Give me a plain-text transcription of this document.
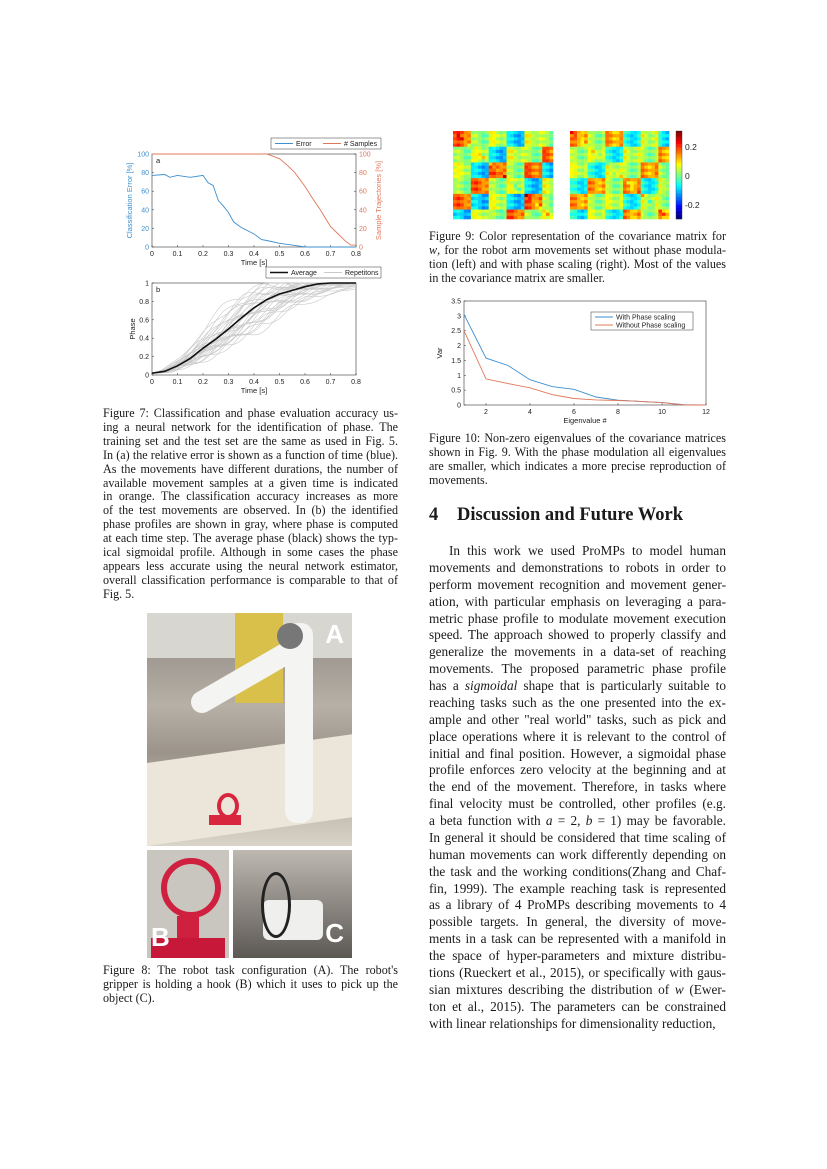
0	0.1 0.2 0.3 0.4 0.5 0.6 0.7 0.8
0
20
40
60
80
100
Time [s]
Classification Error [%]
a
0
20
40
60
80
100
Sample Trajectories [%]
Error	# Samples
0	0.1 0.2 0.3 0.4 0.5 0.6 0.7 0.8
0
0.2
0.4
0.6
0.8
1
Time [s]
Phase
b
Average	Repetitons
Figure 7: Classification and phase evaluation accuracy us-
ing a neural network for the identification of phase. The
training set and the test set are the same as used in Fig. 5.
In (a) the relative error is shown as a function of time (blue).
As the movements have different durations, the number of
available movement samples at a given time is indicated
in orange. The classification accuracy increases as more
of the test movements are observed. In (b) the identified
phase profiles are shown in gray, where phase is computed
at each time step. The average phase (black) shows the typ-
ical sigmoidal profile. Although in some cases the phase
appears less accurate using the neural network estimator,
overall classification performance is comparable to that of
Fig. 5.
A
B	C
Figure 8: The robot task configuration (A). The robot's
gripper is holding a hook (B) which it uses to pick up the
object (C).
0.2
0
-0.2
Figure 9: Color representation of the covariance matrix for
w, for the robot arm movements set without phase modula-
tion (left) and with phase scaling (right). Most of the values
in the covariance matrix are smaller.
2	4	6	8	10	12
0
0.5
1
1.5
2
2.5
3
3.5
Eigenvalue #
Var
With Phase scaling
Without Phase scaling
Figure 10: Non-zero eigenvalues of the covariance matrices
shown in Fig. 9. With the phase modulation all eigenvalues
are smaller, which indicates a more precise reproduction of
movements.
4 Discussion and Future Work
In this work we used ProMPs to model human
movements and demonstrations to robots in order to
perform movement recognition and movement gener-
ation, with particular emphasis on leveraging a para-
metric phase profile to modulate movement execution
speed. The approach showed to properly classify and
generalize the movements in a data-set of reaching
movements. The proposed parametric phase profile
has a sigmoidal shape that is particularly suitable to
reaching tasks such as the one presented into the ex-
ample and other "real world" tasks, such as pick and
place operations where it is relevant to the control of
initial and final position. However, a sigmoidal phase
profile enforces zero velocity at the beginning and at
the end of the movement. Therefore, in tasks where
final velocity must be controlled, other profiles (e.g.
a beta function with a = 2, b = 1) may be favorable.
In general it should be considered that time scaling of
human movements can work differently depending on
the task and the working conditions(Zhang and Chaf-
fin, 1999). The example reaching task is represented
as a library of 4 ProMPs describing movements to 4
possible targets. In general, the diversity of move-
ments in a task can be represented with a manifold in
the space of hyper-parameters and mixture distribu-
tions (Rueckert et al., 2015), or specifically with gaus-
sian mixtures describing the distribution of w (Ewer-
ton et al., 2015). The parameters can be constrained
with linear relationships for dimensionality reduction,
